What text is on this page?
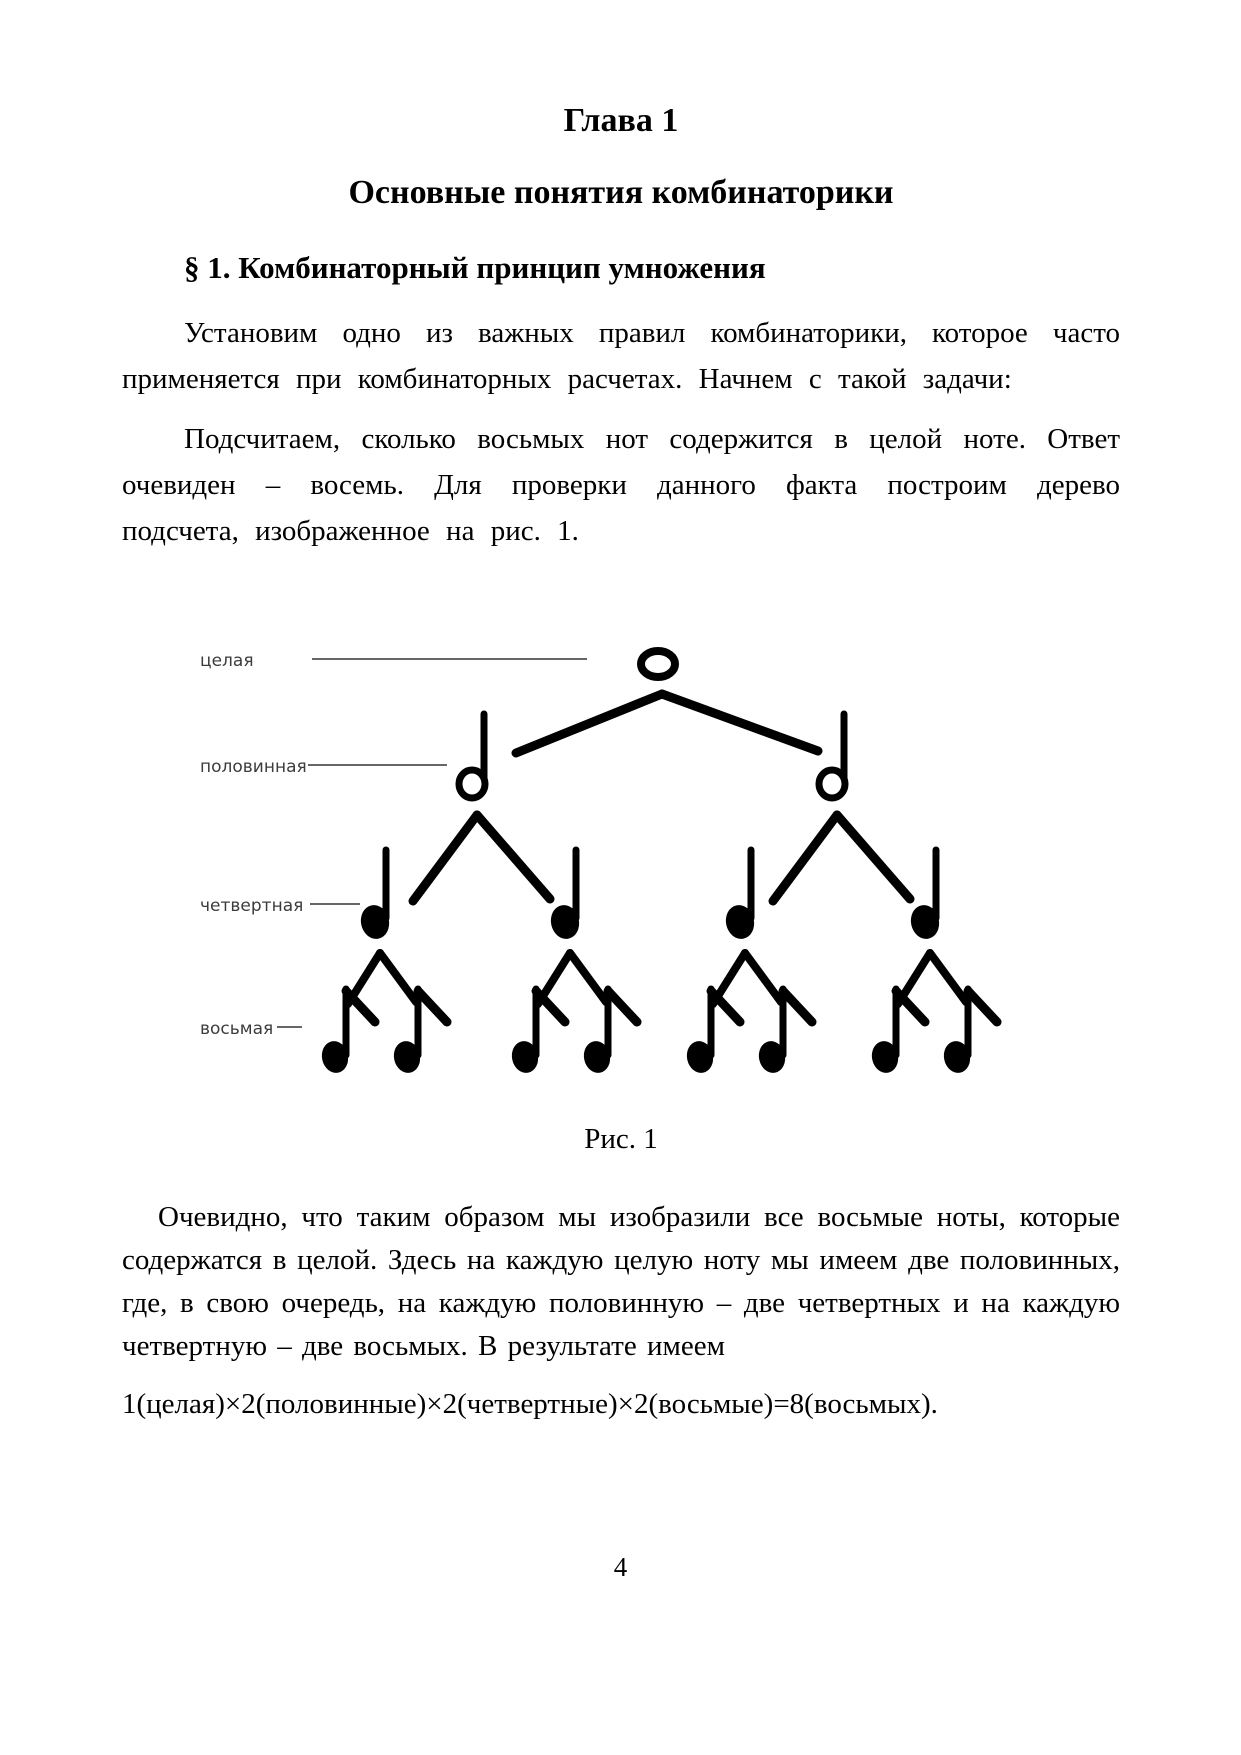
Глава 1
Основные понятия комбинаторики
§ 1. Комбинаторный принцип умножения

Установим одно из важных правил комбинаторики, которое часто применяется при комбинаторных расчетах. Начнем с такой задачи:

Подсчитаем, сколько восьмых нот содержится в целой ноте. Ответ очевиден – восемь. Для проверки данного факта построим дерево подсчета, изображенное на рис. 1.

целая
половинная
четвертная
восьмая
Рис. 1

Очевидно, что таким образом мы изобразили все восьмые ноты, которые содержатся в целой. Здесь на каждую целую ноту мы имеем две половинных, где, в свою очередь, на каждую половинную – две четвертных и на каждую четвертную – две восьмых. В результате имеем

1(целая)×2(половинные)×2(четвертные)×2(восьмые)=8(восьмых).

4
